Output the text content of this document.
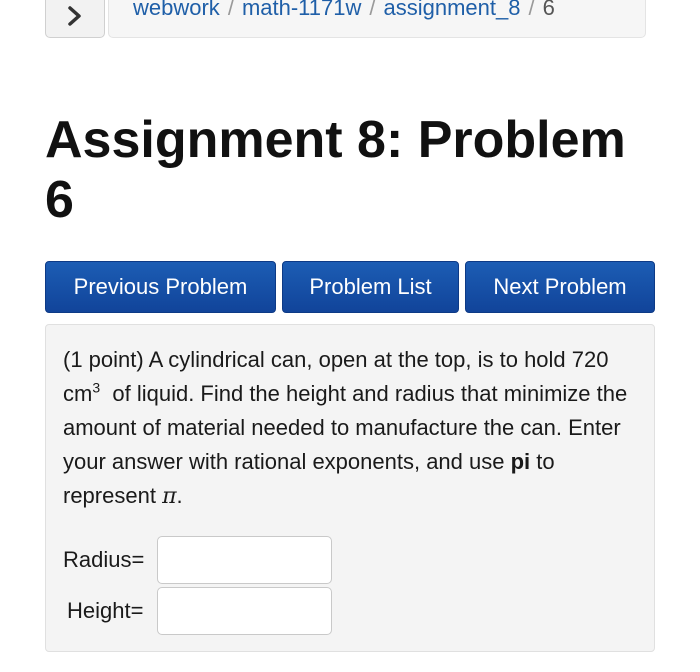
webwork / math-1171w / assignment_8 / 6
Assignment 8: Problem 6
Previous Problem	Problem List	Next Problem

(1 point) A cylindrical can, open at the top, is to hold 720 $cm^3$ of liquid. Find the height and radius that minimize the amount of material needed to manufacture the can. Enter your answer with rational exponents, and use pi to represent π.

Radius=
Height=
